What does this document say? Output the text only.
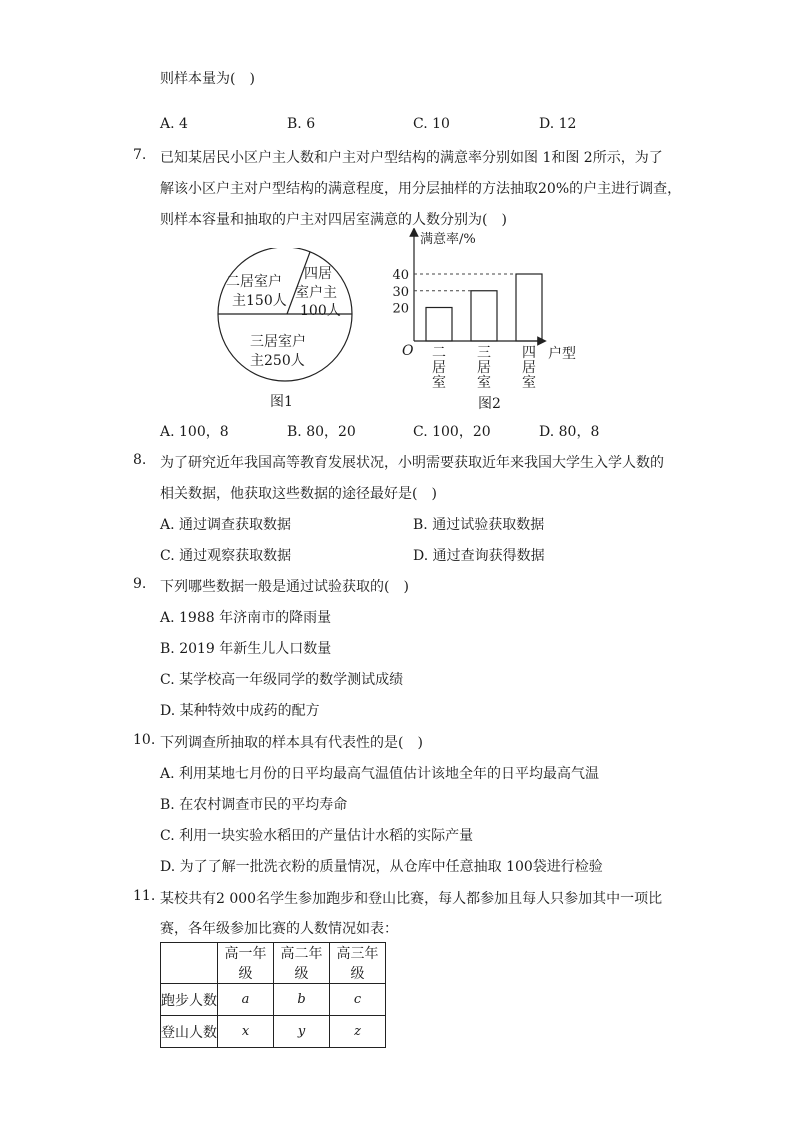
则样本量为(　)
A. 4	B. 6	C. 10	D. 12
7. 已知某居民小区户主人数和户主对户型结构的满意率分别如图 1和图 2所示，为了
解该小区户主对户型结构的满意程度，用分层抽样的方法抽取20%的户主进行调查，
则样本容量和抽取的户主对四居室满意的人数分别为(　)
二居室户
主150人
四居
室户主
100人
三居室户
主250人
图1
满意率/%
户型
O
20
30
40
二
居
室
三
居
室
四
居
室
图2
A. 100，8	B. 80，20	C. 100，20	D. 80，8
8. 为了研究近年我国高等教育发展状况，小明需要获取近年来我国大学生入学人数的
相关数据，他获取这些数据的途径最好是(　)
A. 通过调查获取数据	B. 通过试验获取数据
C. 通过观察获取数据	D. 通过查询获得数据
9. 下列哪些数据一般是通过试验获取的(　)
A. 1988 年济南市的降雨量
B. 2019 年新生儿人口数量
C. 某学校高一年级同学的数学测试成绩
D. 某种特效中成药的配方
10. 下列调查所抽取的样本具有代表性的是(　)
A. 利用某地七月份的日平均最高气温值估计该地全年的日平均最高气温
B. 在农村调查市民的平均寿命
C. 利用一块实验水稻田的产量估计水稻的实际产量
D. 为了了解一批洗衣粉的质量情况，从仓库中任意抽取 100袋进行检验
11. 某校共有2 000名学生参加跑步和登山比赛，每人都参加且每人只参加其中一项比
赛，各年级参加比赛的人数情况如表：
	高一年级	高二年级	高三年级
跑步人数	a	b	c
登山人数	x	y	z
